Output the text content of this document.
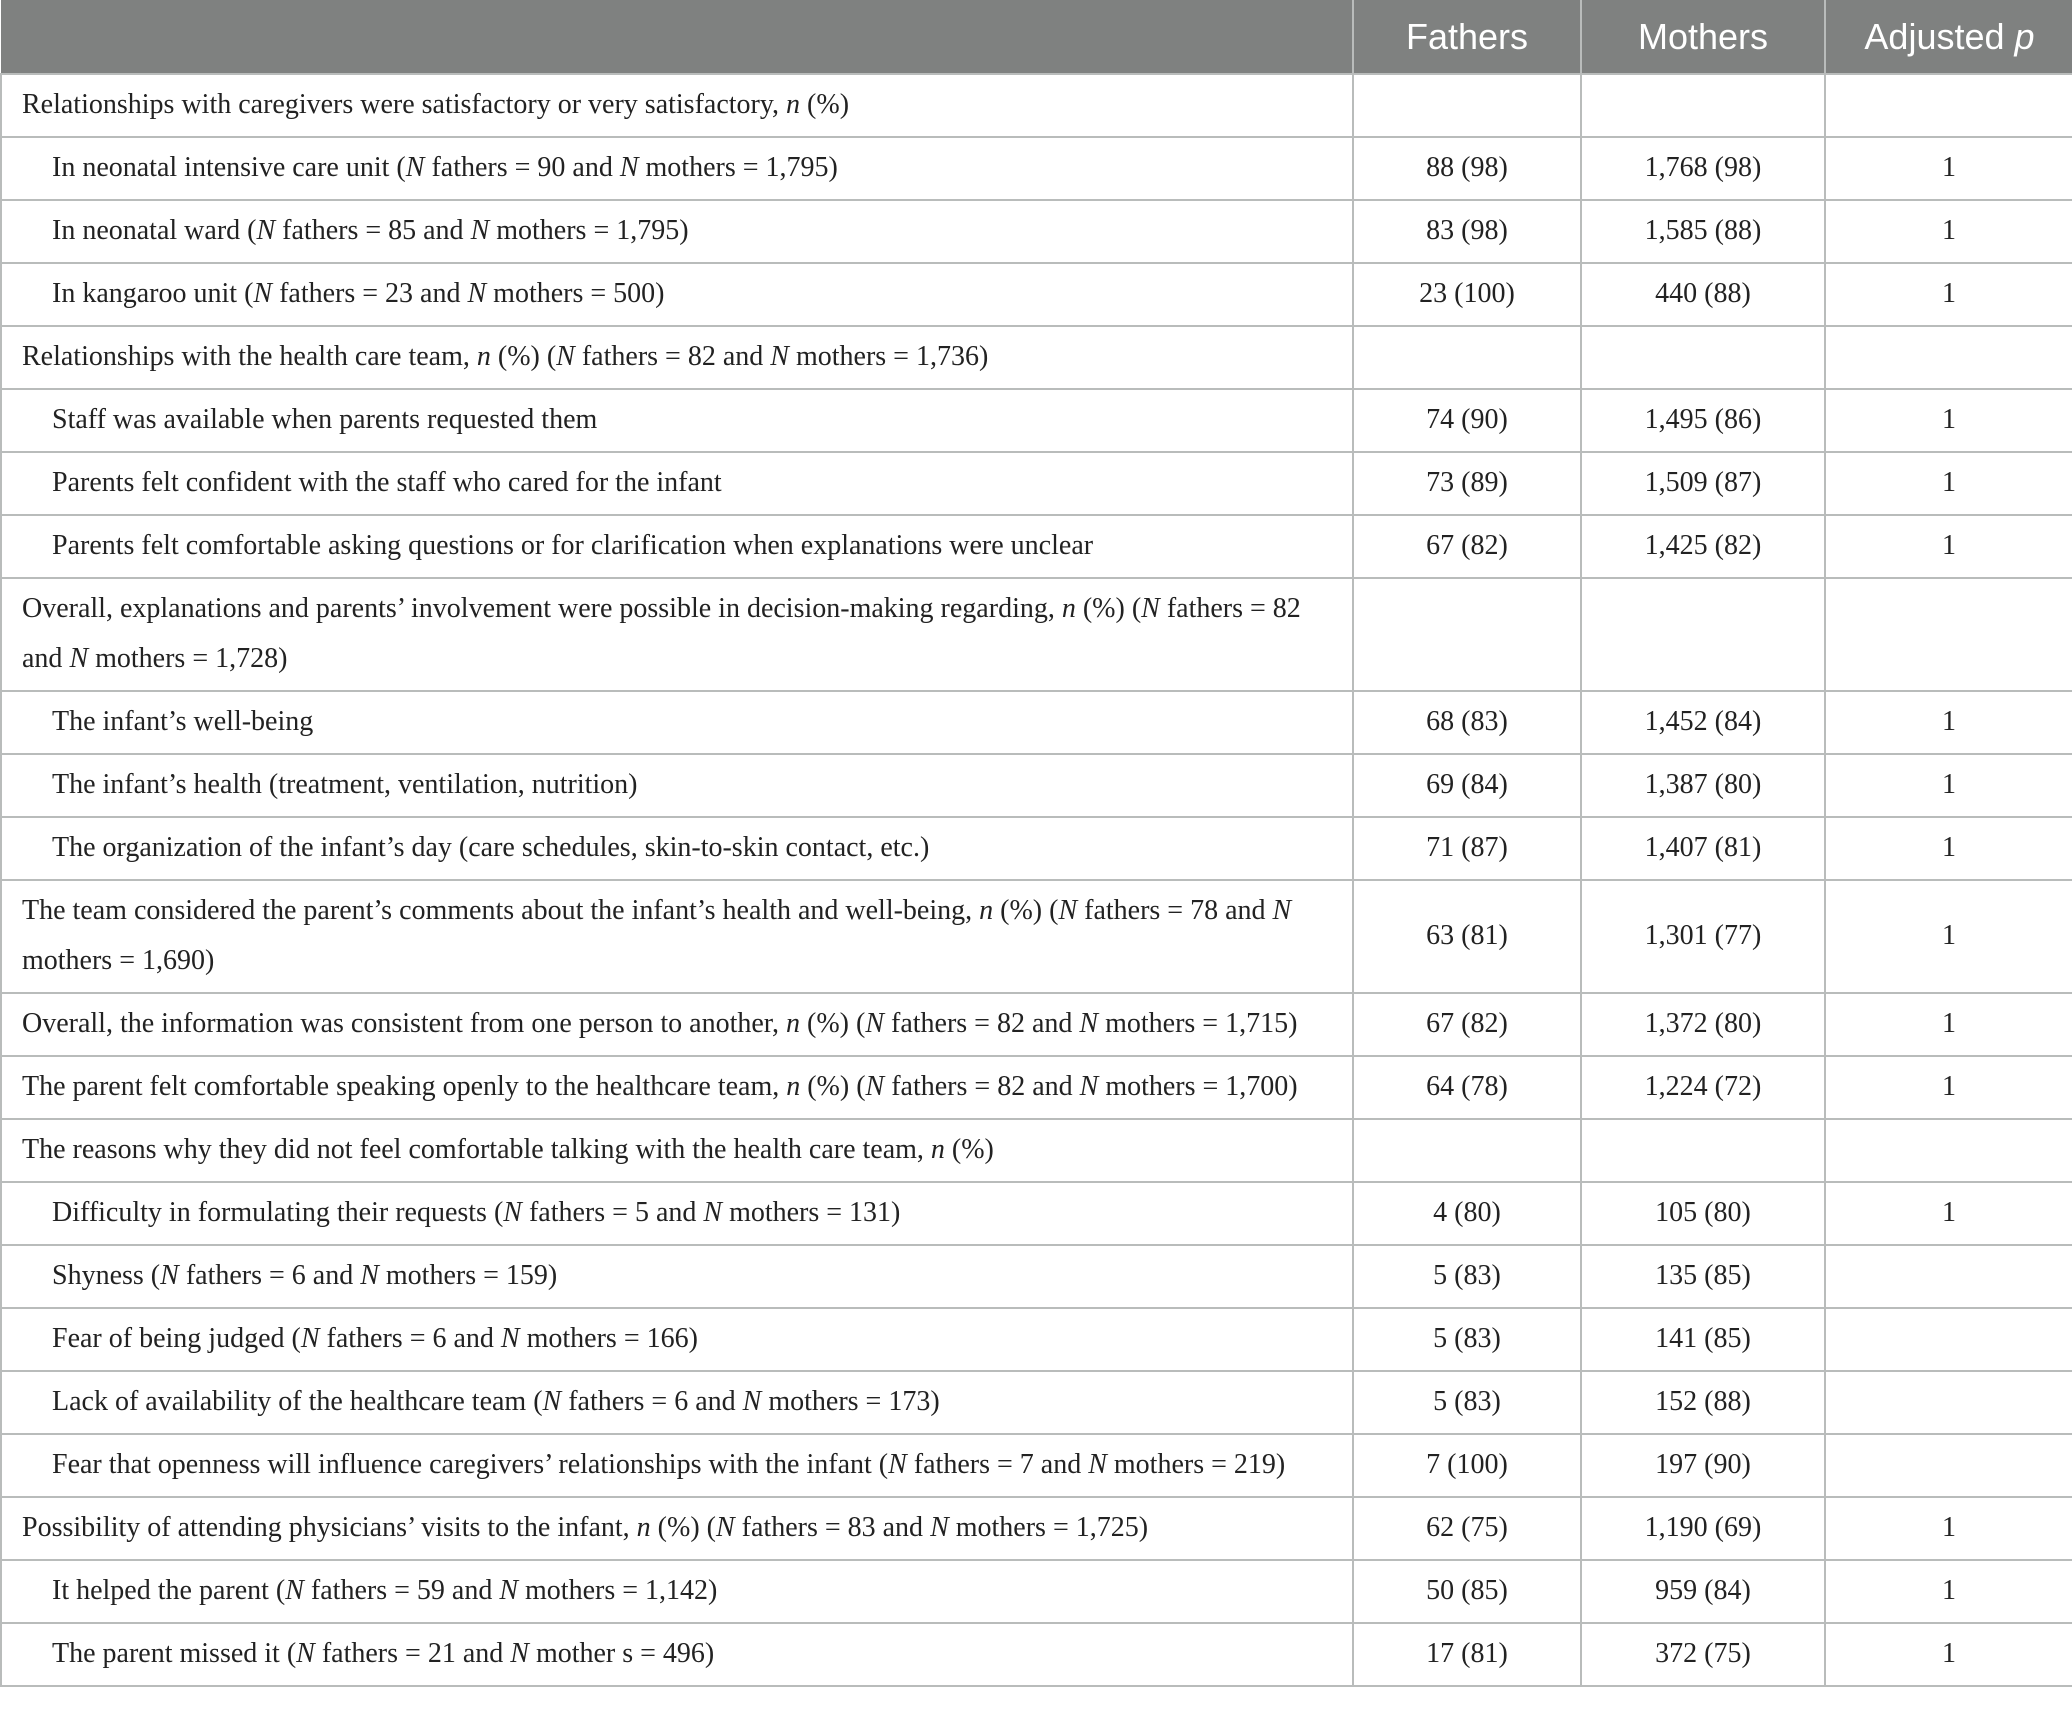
	Fathers	Mothers	Adjusted p
Relationships with caregivers were satisfactory or very satisfactory, n (%)			
In neonatal intensive care unit (N fathers = 90 and N mothers = 1,795)	88 (98)	1,768 (98)	1
In neonatal ward (N fathers = 85 and N mothers = 1,795)	83 (98)	1,585 (88)	1
In kangaroo unit (N fathers = 23 and N mothers = 500)	23 (100)	440 (88)	1
Relationships with the health care team, n (%) (N fathers = 82 and N mothers = 1,736)			
Staff was available when parents requested them	74 (90)	1,495 (86)	1
Parents felt confident with the staff who cared for the infant	73 (89)	1,509 (87)	1
Parents felt comfortable asking questions or for clarification when explanations were unclear	67 (82)	1,425 (82)	1
Overall, explanations and parents’ involvement were possible in decision-making regarding, n (%) (N fathers = 82 and N mothers = 1,728)			
The infant’s well-being	68 (83)	1,452 (84)	1
The infant’s health (treatment, ventilation, nutrition)	69 (84)	1,387 (80)	1
The organization of the infant’s day (care schedules, skin-to-skin contact, etc.)	71 (87)	1,407 (81)	1
The team considered the parent’s comments about the infant’s health and well-being, n (%) (N fathers = 78 and N mothers = 1,690)	63 (81)	1,301 (77)	1
Overall, the information was consistent from one person to another, n (%) (N fathers = 82 and N mothers = 1,715)	67 (82)	1,372 (80)	1
The parent felt comfortable speaking openly to the healthcare team, n (%) (N fathers = 82 and N mothers = 1,700)	64 (78)	1,224 (72)	1
The reasons why they did not feel comfortable talking with the health care team, n (%)			
Difficulty in formulating their requests (N fathers = 5 and N mothers = 131)	4 (80)	105 (80)	1
Shyness (N fathers = 6 and N mothers = 159)	5 (83)	135 (85)	
Fear of being judged (N fathers = 6 and N mothers = 166)	5 (83)	141 (85)	
Lack of availability of the healthcare team (N fathers = 6 and N mothers = 173)	5 (83)	152 (88)	
Fear that openness will influence caregivers’ relationships with the infant (N fathers = 7 and N mothers = 219)	7 (100)	197 (90)	
Possibility of attending physicians’ visits to the infant, n (%) (N fathers = 83 and N mothers = 1,725)	62 (75)	1,190 (69)	1
It helped the parent (N fathers = 59 and N mothers = 1,142)	50 (85)	959 (84)	1
The parent missed it (N fathers = 21 and N mother s = 496)	17 (81)	372 (75)	1
